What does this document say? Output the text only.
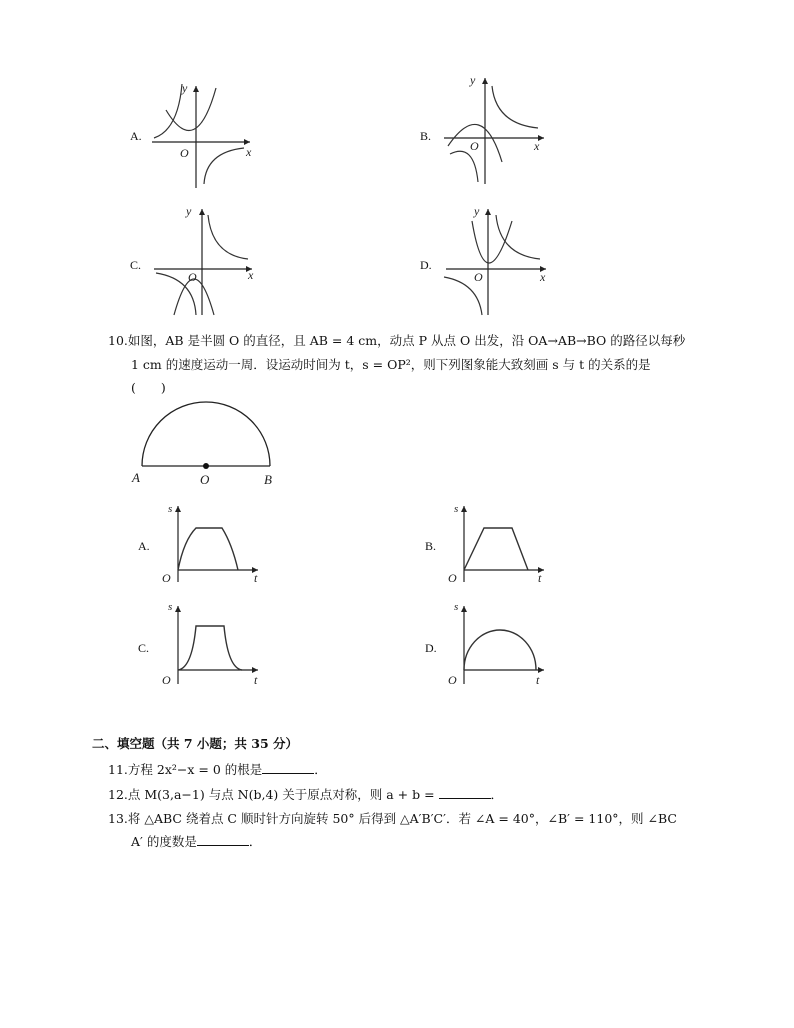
A.
y
x
O
B.
y
x
O
C.
y
x
O
D.
y
x
O
10.如图，AB 是半圆 O 的直径，且 AB = 4 cm，动点 P 从点 O 出发，沿 OA→AB→BO 的路径以每秒
1 cm 的速度运动一周．设运动时间为 t，s = OP²，则下列图象能大致刻画 s 与 t 的关系的是
(　　)
A	O	B
A.
s
t
O
B.
s
t
O
C.
s
t
O
D.
s
t
O
二、填空题（共 7 小题；共 35 分）
11.方程 2x²−x = 0 的根是	．
12.点 M(3,a−1) 与点 N(b,4) 关于原点对称，则 a + b =	．
13.将 △ABC 绕着点 C 顺时针方向旋转 50° 后得到 △A′B′C′．若 ∠A = 40°，∠B′ = 110°，则 ∠BC
A′ 的度数是	．
